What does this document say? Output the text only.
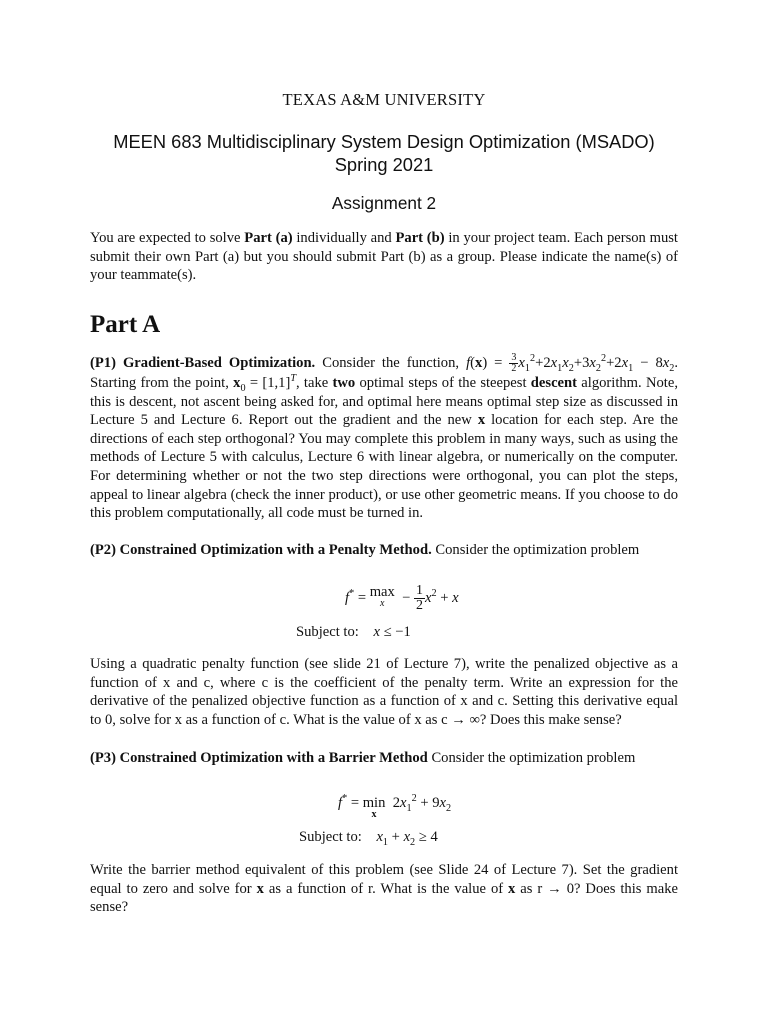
TEXAS A&M UNIVERSITY
MEEN 683 Multidisciplinary System Design Optimization (MSADO)
Spring 2021
Assignment 2
You are expected to solve Part (a) individually and Part (b) in your project team. Each person must submit their own Part (a) but you should submit Part (b) as a group. Please indicate the name(s) of your teammate(s).
Part A
(P1) Gradient-Based Optimization. Consider the function, $f(x) = \frac{3}{2} x_1^2+2x_1x_2+3x_2^2+2x_1 - 8x_2$. Starting from the point, $x_0 = [1,1]^T$, take two optimal steps of the steepest descent algorithm. Note, this is descent, not ascent being asked for, and optimal here means optimal step size as discussed in Lecture 5 and Lecture 6. Report out the gradient and the new x location for each step. Are the directions of each step orthogonal? You may complete this problem in many ways, such as using the methods of Lecture 5 with calculus, Lecture 6 with linear algebra, or numerically on the computer. For determining whether or not the two step directions were orthogonal, you can plot the steps, appeal to linear algebra (check the inner product), or use other geometric means. If you choose to do this problem computationally, all code must be turned in.
(P2) Constrained Optimization with a Penalty Method. Consider the optimization problem
f* = max
$x - \frac{1}{2} x^2 + x$
Subject to: x ≤ −1
Using a quadratic penalty function (see slide 21 of Lecture 7), write the penalized objective as a function of x and c, where c is the coefficient of the penalty term. Write an expression for the derivative of the penalized objective function as a function of x and c. Setting this derivative equal to 0, solve for x as a function of c. What is the value of x as c → ∞? Does this make sense?
(P3) Constrained Optimization with a Barrier Method Consider the optimization problem
f* = min
x
$2x_1^2 + 9x_2$
Subject to: $x_1 + x_2 \ge 4$
Write the barrier method equivalent of this problem (see Slide 24 of Lecture 7). Set the gradient equal to zero and solve for x as a function of r. What is the value of x as r → 0? Does this make sense?
